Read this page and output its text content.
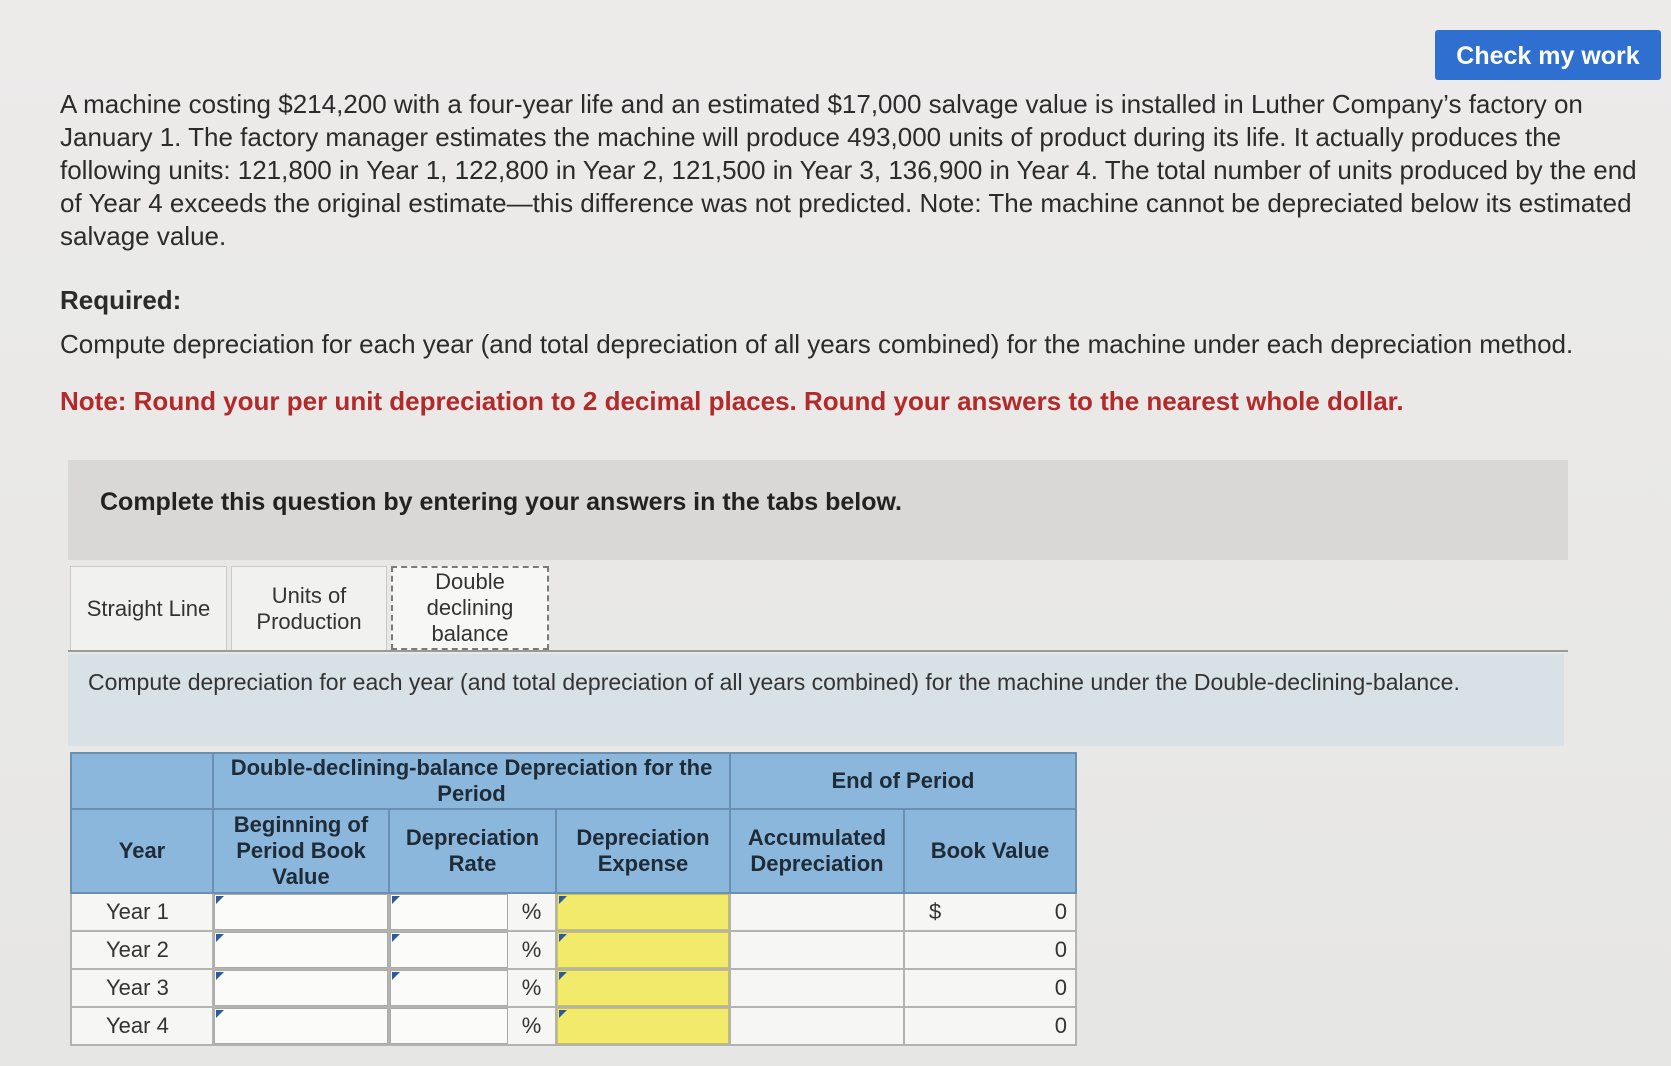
Check my work

A machine costing $214,200 with a four-year life and an estimated $17,000 salvage value is installed in Luther Company’s factory on January 1. The factory manager estimates the machine will produce 493,000 units of product during its life. It actually produces the following units: 121,800 in Year 1, 122,800 in Year 2, 121,500 in Year 3, 136,900 in Year 4. The total number of units produced by the end of Year 4 exceeds the original estimate—this difference was not predicted. Note: The machine cannot be depreciated below its estimated salvage value.

Required:

Compute depreciation for each year (and total depreciation of all years combined) for the machine under each depreciation method.

Note: Round your per unit depreciation to 2 decimal places. Round your answers to the nearest whole dollar.

Complete this question by entering your answers in the tabs below.
Straight Line
Units of Production
Double declining balance

Compute depreciation for each year (and total depreciation of all years combined) for the machine under the Double-declining-balance.

	Double-declining-balance Depreciation for the Period			End of Period	
Year	Beginning of Period Book Value	Depreciation Rate	Depreciation Expense	Accumulated Depreciation	Book Value
Year 1		%			$ 0

Year 2		%			0

Year 3		%			0

Year 4		%			0
